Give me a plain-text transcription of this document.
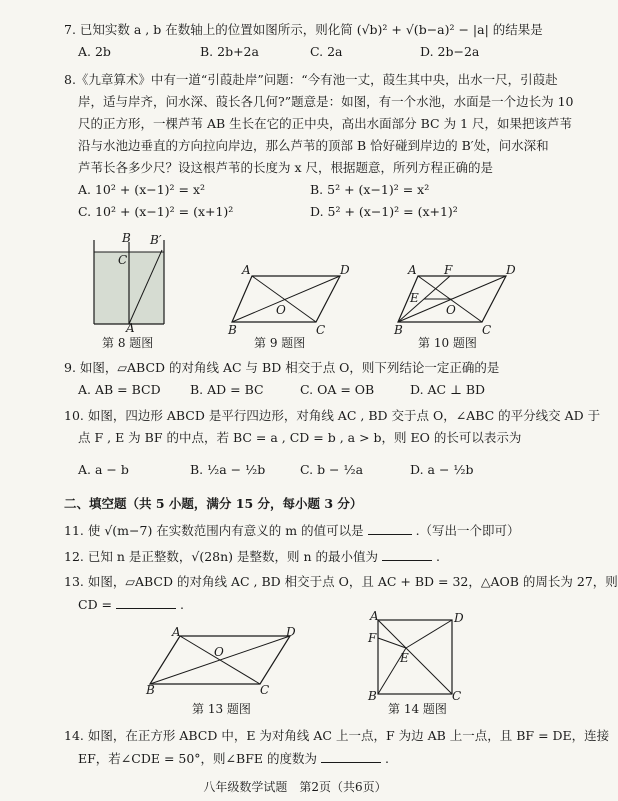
7. 已知实数 a , b 在数轴上的位置如图所示，则化简 (√b)² + √(b−a)² − |a| 的结果是
A. 2b	B. 2b+2a	C. 2a	D. 2b−2a
8.《九章算术》中有一道“引葭赴岸”问题：“今有池一丈，葭生其中央，出水一尺，引葭赴
岸，适与岸齐，问水深、葭长各几何?”题意是：如图，有一个水池，水面是一个边长为 10
尺的正方形，一棵芦苇 AB 生长在它的正中央，高出水面部分 BC 为 1 尺，如果把该芦苇
沿与水池边垂直的方向拉向岸边，那么芦苇的顶部 B 恰好碰到岸边的 B′处，问水深和
芦苇长各多少尺？设这根芦苇的长度为 x 尺，根据题意，所列方程正确的是
A. 10² + (x−1)² = x²	B. 5² + (x−1)² = x²
C. 10² + (x−1)² = (x+1)²	D. 5² + (x−1)² = (x+1)²
B B′
C
A
第 8 题图
A	D
B	C
O
第 9 题图
A F	D
E
O
B	C
第 10 题图
9. 如图，▱ABCD 的对角线 AC 与 BD 相交于点 O，则下列结论一定正确的是
A. AB = BCD B. AD = BC	C. OA = OB	D. AC ⊥ BD
10. 如图，四边形 ABCD 是平行四边形，对角线 AC , BD 交于点 O，∠ABC 的平分线交 AD 于
点 F , E 为 BF 的中点，若 BC = a , CD = b , a > b，则 EO 的长可以表示为
A. a − b	B. ½a − ½b	C. b − ½a	D. a − ½b
二、填空题（共 5 小题，满分 15 分，每小题 3 分）
11. 使 √(m−7) 在实数范围内有意义的 m 的值可以是	.（写出一个即可）
12. 已知 n 是正整数，√(28n) 是整数，则 n 的最小值为	.
13. 如图，▱ABCD 的对角线 AC , BD 相交于点 O，且 AC + BD = 32，△AOB 的周长为 27，则
CD =	.
A	D
B	C
O
第 13 题图
A	D
F
E
B	C
第 14 题图
14. 如图，在正方形 ABCD 中，E 为对角线 AC 上一点，F 为边 AB 上一点，且 BF = DE，连接
EF，若∠CDE = 50°，则∠BFE 的度数为	.
八年级数学试题　第2页（共6页）
